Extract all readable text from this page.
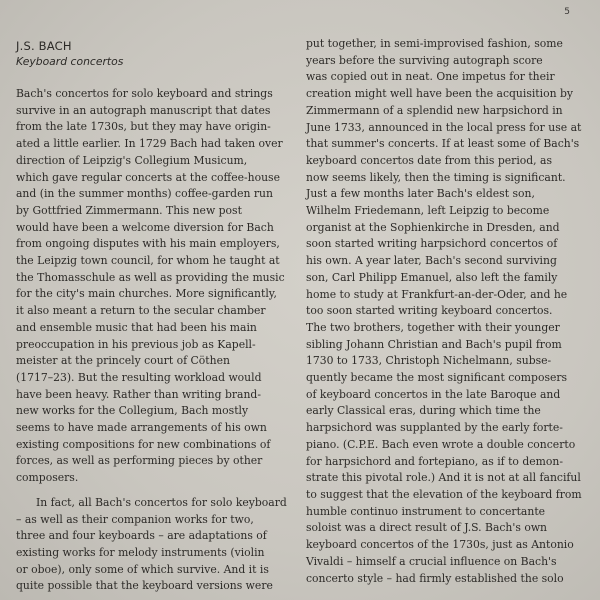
5
J.S. BACH
Keyboard concertos
Bach's concertos for solo keyboard and strings
survive in an autograph manuscript that dates
from the late 1730s, but they may have origin-
ated a little earlier. In 1729 Bach had taken over
direction of Leipzig's Collegium Musicum,
which gave regular concerts at the coffee-house
and (in the summer months) coffee-garden run
by Gottfried Zimmermann. This new post
would have been a welcome diversion for Bach
from ongoing disputes with his main employers,
the Leipzig town council, for whom he taught at
the Thomasschule as well as providing the music
for the city's main churches. More significantly,
it also meant a return to the secular chamber
and ensemble music that had been his main
preoccupation in his previous job as Kapell-
meister at the princely court of Cöthen
(1717–23). But the resulting workload would
have been heavy. Rather than writing brand-
new works for the Collegium, Bach mostly
seems to have made arrangements of his own
existing compositions for new combinations of
forces, as well as performing pieces by other
composers.
In fact, all Bach's concertos for solo keyboard
– as well as their companion works for two,
three and four keyboards – are adaptations of
existing works for melody instruments (violin
or oboe), only some of which survive. And it is
quite possible that the keyboard versions were
put together, in semi-improvised fashion, some
years before the surviving autograph score
was copied out in neat. One impetus for their
creation might well have been the acquisition by
Zimmermann of a splendid new harpsichord in
June 1733, announced in the local press for use at
that summer's concerts. If at least some of Bach's
keyboard concertos date from this period, as
now seems likely, then the timing is significant.
Just a few months later Bach's eldest son,
Wilhelm Friedemann, left Leipzig to become
organist at the Sophienkirche in Dresden, and
soon started writing harpsichord concertos of
his own. A year later, Bach's second surviving
son, Carl Philipp Emanuel, also left the family
home to study at Frankfurt-an-der-Oder, and he
too soon started writing keyboard concertos.
The two brothers, together with their younger
sibling Johann Christian and Bach's pupil from
1730 to 1733, Christoph Nichelmann, subse-
quently became the most significant composers
of keyboard concertos in the late Baroque and
early Classical eras, during which time the
harpsichord was supplanted by the early forte-
piano. (C.P.E. Bach even wrote a double concerto
for harpsichord and fortepiano, as if to demon-
strate this pivotal role.) And it is not at all fanciful
to suggest that the elevation of the keyboard from
humble continuo instrument to concertante
soloist was a direct result of J.S. Bach's own
keyboard concertos of the 1730s, just as Antonio
Vivaldi – himself a crucial influence on Bach's
concerto style – had firmly established the solo
